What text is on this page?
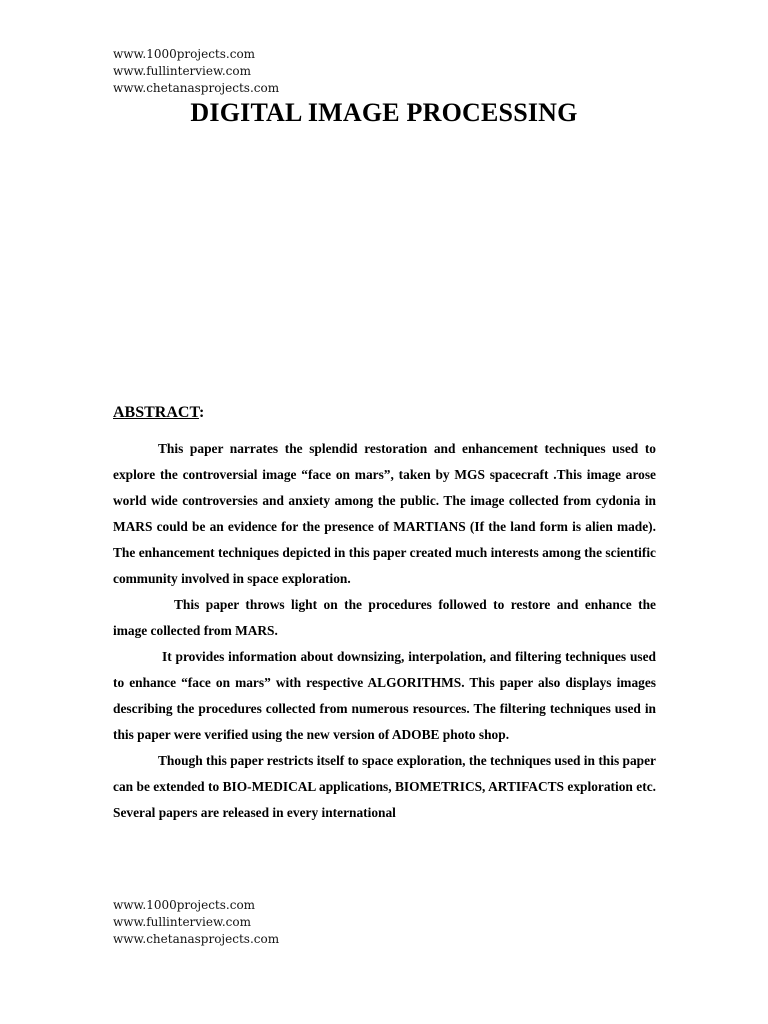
www.1000projects.com
www.fullinterview.com
www.chetanasprojects.com
DIGITAL IMAGE PROCESSING
ABSTRACT:

This paper narrates the splendid restoration and enhancement techniques used to explore the controversial image “face on mars”, taken by MGS spacecraft .This image arose world wide controversies and anxiety among the public. The image collected from cydonia in MARS could be an evidence for the presence of MARTIANS (If the land form is alien made). The enhancement techniques depicted in this paper created much interests among the scientific community involved in space exploration.

This paper throws light on the procedures followed to restore and enhance the image collected from MARS.

It provides information about downsizing, interpolation, and filtering techniques used to enhance “face on mars” with respective ALGORITHMS. This paper also displays images describing the procedures collected from numerous resources. The filtering techniques used in this paper were verified using the new version of ADOBE photo shop.

Though this paper restricts itself to space exploration, the techniques used in this paper can be extended to BIO-MEDICAL applications, BIOMETRICS, ARTIFACTS exploration etc. Several papers are released in every international

www.1000projects.com
www.fullinterview.com
www.chetanasprojects.com
